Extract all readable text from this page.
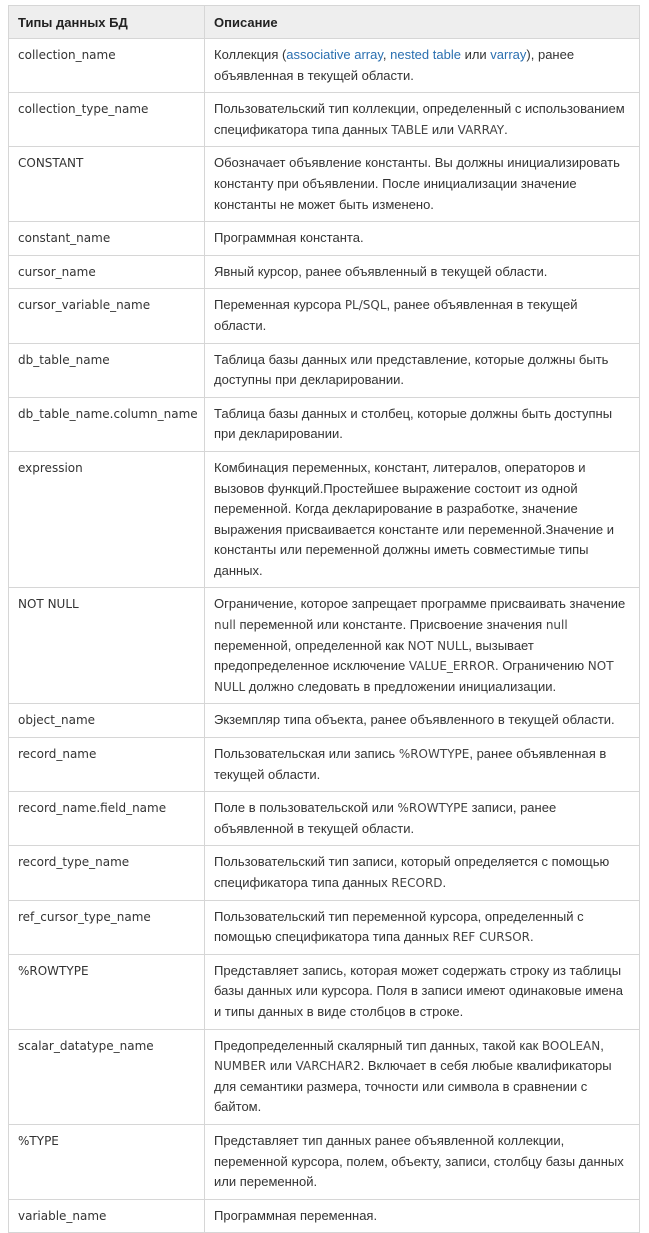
Типы данных БД	Описание
collection_name	Коллекция (associative array, nested table или varray), ранее объявленная в текущей области.
collection_type_name	Пользовательский тип коллекции, определенный с использованием спецификатора типа данных TABLE или VARRAY.
CONSTANT	Обозначает объявление константы. Вы должны инициализировать константу при объявлении. После инициализации значение константы не может быть изменено.
constant_name	Программная константа.
cursor_name	Явный курсор, ранее объявленный в текущей области.
cursor_variable_name	Переменная курсора PL/SQL, ранее объявленная в текущей области.
db_table_name	Таблица базы данных или представление, которые должны быть доступны при декларировании.
db_table_name.column_name	Таблица базы данных и столбец, которые должны быть доступны при декларировании.
expression	Комбинация переменных, констант, литералов, операторов и вызовов функций.Простейшее выражение состоит из одной переменной. Когда декларирование в разработке, значение выражения присваивается константе или переменной.Значение и константы или переменной должны иметь совместимые типы данных.
NOT NULL	Ограничение, которое запрещает программе присваивать значение null переменной или константе. Присвоение значения null переменной, определенной как NOT NULL, вызывает предопределенное исключение VALUE_ERROR. Ограничению NOT NULL должно следовать в предложении инициализации.
object_name	Экземпляр типа объекта, ранее объявленного в текущей области.
record_name	Пользовательская или запись %ROWTYPE, ранее объявленная в текущей области.
record_name.field_name	Поле в пользовательской или %ROWTYPE записи, ранее объявленной в текущей области.
record_type_name	Пользовательский тип записи, который определяется с помощью спецификатора типа данных RECORD.
ref_cursor_type_name	Пользовательский тип переменной курсора, определенный с помощью спецификатора типа данных REF CURSOR.
%ROWTYPE	Представляет запись, которая может содержать строку из таблицы базы данных или курсора. Поля в записи имеют одинаковые имена и типы данных в виде столбцов в строке.
scalar_datatype_name	Предопределенный скалярный тип данных, такой как BOOLEAN, NUMBER или VARCHAR2. Включает в себя любые квалификаторы для семантики размера, точности или символа в сравнении с байтом.
%TYPE	Представляет тип данных ранее объявленной коллекции, переменной курсора, полем, объекту, записи, столбцу базы данных или переменной.
variable_name	Программная переменная.
